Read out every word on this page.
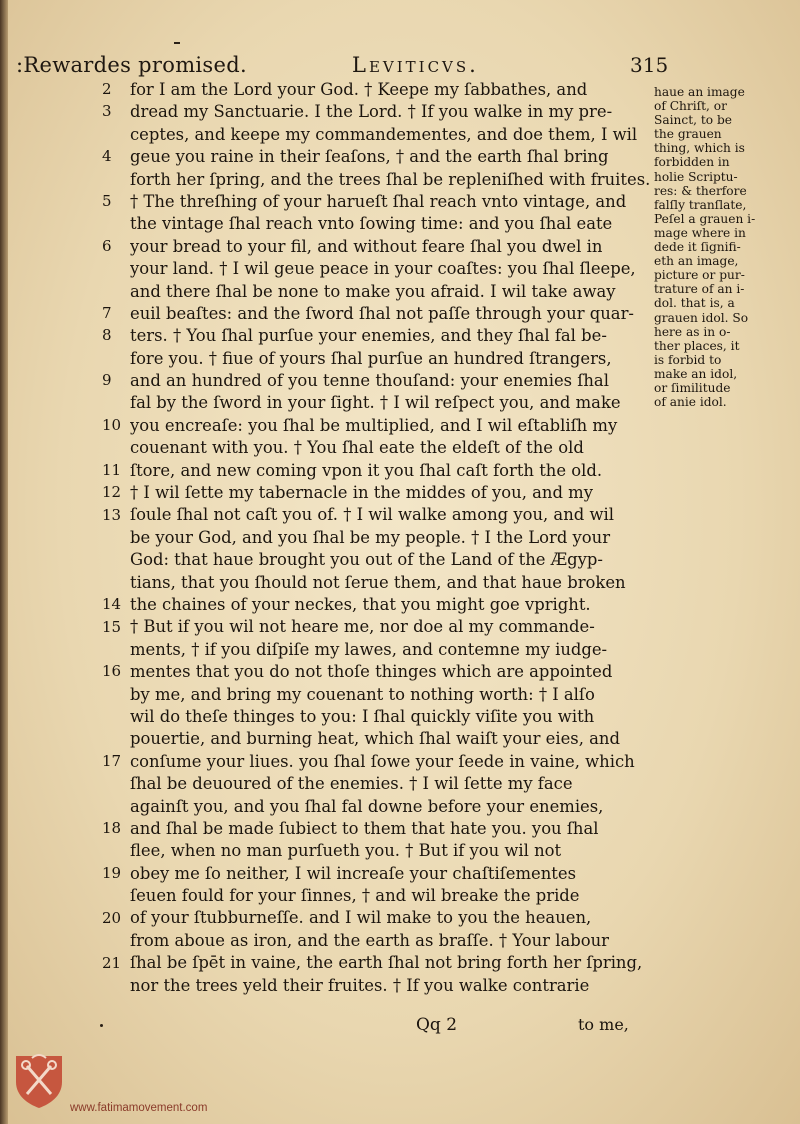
:Rewardes promised.	Leviticvs.	315
2
3
4
5
6
7
8
9
10
11
12
13
14
15
16
17
18
19
20
21
for I am the Lord your God. † Keepe my ſabbathes, and
dread my Sanctuarie. I the Lord. † If you walke in my pre-
ceptes, and keepe my commandementes, and doe them, I wil
geue you raine in their ſeaſons, † and the earth ſhal bring
forth her ſpring, and the trees ſhal be repleniſhed with fruites.
† The threſhing of your harueſt ſhal reach vnto vintage, and
the vintage ſhal reach vnto ſowing time: and you ſhal eate
your bread to your fil, and without feare ſhal you dwel in
your land. † I wil geue peace in your coaſtes: you ſhal ſleepe,
and there ſhal be none to make you afraid. I wil take away
euil beaſtes: and the ſword ſhal not paſſe through your quar-
ters. † You ſhal purſue your enemies, and they ſhal fal be-
fore you. † fiue of yours ſhal purſue an hundred ſtrangers,
and an hundred of you tenne thouſand: your enemies ſhal
fal by the ſword in your ſight. † I wil reſpect you, and make
you encreaſe: you ſhal be multiplied, and I wil eſtabliſh my
couenant with you. † You ſhal eate the eldeſt of the old
ſtore, and new coming vpon it you ſhal caſt forth the old.
† I wil ſette my tabernacle in the middes of you, and my
ſoule ſhal not caſt you of. † I wil walke among you, and wil
be your God, and you ſhal be my people. † I the Lord your
God: that haue brought you out of the Land of the Ægyp-
tians, that you ſhould not ſerue them, and that haue broken
the chaines of your neckes, that you might goe vpright.
† But if you wil not heare me, nor doe al my commande-
ments, † if you diſpiſe my lawes, and contemne my iudge-
mentes that you do not thoſe thinges which are appointed
by me, and bring my couenant to nothing worth: † I alſo
wil do theſe thinges to you: I ſhal quickly viſite you with
pouertie, and burning heat, which ſhal waiſt your eies, and
conſume your liues. you ſhal ſowe your ſeede in vaine, which
ſhal be deuoured of the enemies. † I wil ſette my face
againſt you, and you ſhal fal downe before your enemies,
and ſhal be made ſubiect to them that hate you. you ſhal
flee, when no man purſueth you. † But if you wil not
obey me ſo neither, I wil increaſe your chaſtiſementes
ſeuen fould for your ſinnes, † and wil breake the pride
of your ſtubburneſſe. and I wil make to you the heauen,
from aboue as iron, and the earth as braſſe. † Your labour
ſhal be ſpēt in vaine, the earth ſhal not bring forth her ſpring,
nor the trees yeld their fruites. † If you walke contrarie
haue an image
of Chriſt, or
Sainct, to be
the grauen
thing, which is
forbidden in
holie Scriptu-
res: & therfore
falſly tranſlate,
Peſel a grauen i-
mage where in
dede it ſignifi-
eth an image,
picture or pur-
trature of an i-
dol. that is, a
grauen idol. So
here as in o-
ther places, it
is forbid to
make an idol,
or ſimilitude
of anie idol.
Qq 2	to me,
www.fatimamovement.com
